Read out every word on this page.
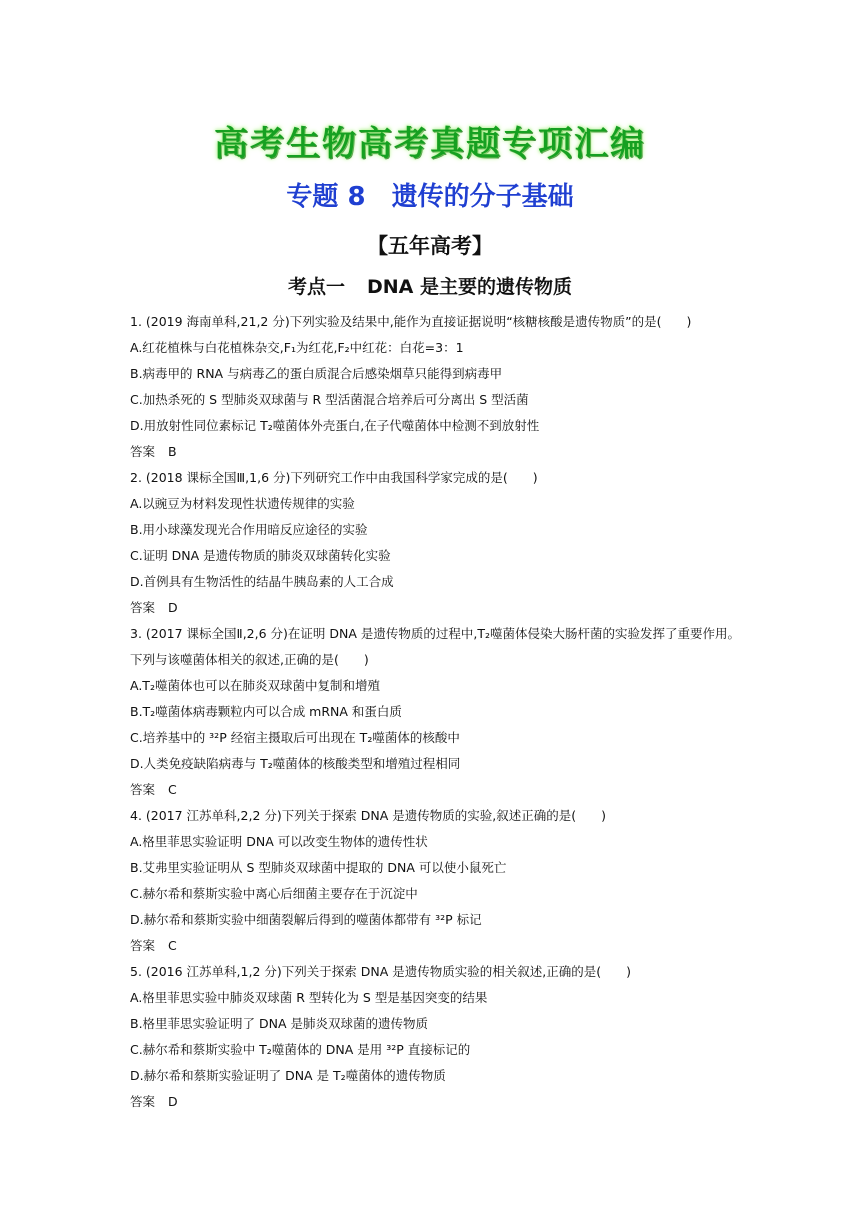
高考生物高考真题专项汇编
专题 8 遗传的分子基础
【五年高考】
考点一 DNA 是主要的遗传物质
1. (2019 海南单科,21,2 分)下列实验及结果中,能作为直接证据说明“核糖核酸是遗传物质”的是(　　)
A.红花植株与白花植株杂交,F₁为红花,F₂中红花：白花=3：1
B.病毒甲的 RNA 与病毒乙的蛋白质混合后感染烟草只能得到病毒甲
C.加热杀死的 S 型肺炎双球菌与 R 型活菌混合培养后可分离出 S 型活菌
D.用放射性同位素标记 T₂噬菌体外壳蛋白,在子代噬菌体中检测不到放射性
答案 B
2. (2018 课标全国Ⅲ,1,6 分)下列研究工作中由我国科学家完成的是(　　)
A.以豌豆为材料发现性状遗传规律的实验
B.用小球藻发现光合作用暗反应途径的实验
C.证明 DNA 是遗传物质的肺炎双球菌转化实验
D.首例具有生物活性的结晶牛胰岛素的人工合成
答案 D
3. (2017 课标全国Ⅱ,2,6 分)在证明 DNA 是遗传物质的过程中,T₂噬菌体侵染大肠杆菌的实验发挥了重要作用。下列与该噬菌体相关的叙述,正确的是(　　)
A.T₂噬菌体也可以在肺炎双球菌中复制和增殖
B.T₂噬菌体病毒颗粒内可以合成 mRNA 和蛋白质
C.培养基中的 ³²P 经宿主摄取后可出现在 T₂噬菌体的核酸中
D.人类免疫缺陷病毒与 T₂噬菌体的核酸类型和增殖过程相同
答案 C
4. (2017 江苏单科,2,2 分)下列关于探索 DNA 是遗传物质的实验,叙述正确的是(　　)
A.格里菲思实验证明 DNA 可以改变生物体的遗传性状
B.艾弗里实验证明从 S 型肺炎双球菌中提取的 DNA 可以使小鼠死亡
C.赫尔希和蔡斯实验中离心后细菌主要存在于沉淀中
D.赫尔希和蔡斯实验中细菌裂解后得到的噬菌体都带有 ³²P 标记
答案 C
5. (2016 江苏单科,1,2 分)下列关于探索 DNA 是遗传物质实验的相关叙述,正确的是(　　)
A.格里菲思实验中肺炎双球菌 R 型转化为 S 型是基因突变的结果
B.格里菲思实验证明了 DNA 是肺炎双球菌的遗传物质
C.赫尔希和蔡斯实验中 T₂噬菌体的 DNA 是用 ³²P 直接标记的
D.赫尔希和蔡斯实验证明了 DNA 是 T₂噬菌体的遗传物质
答案 D
